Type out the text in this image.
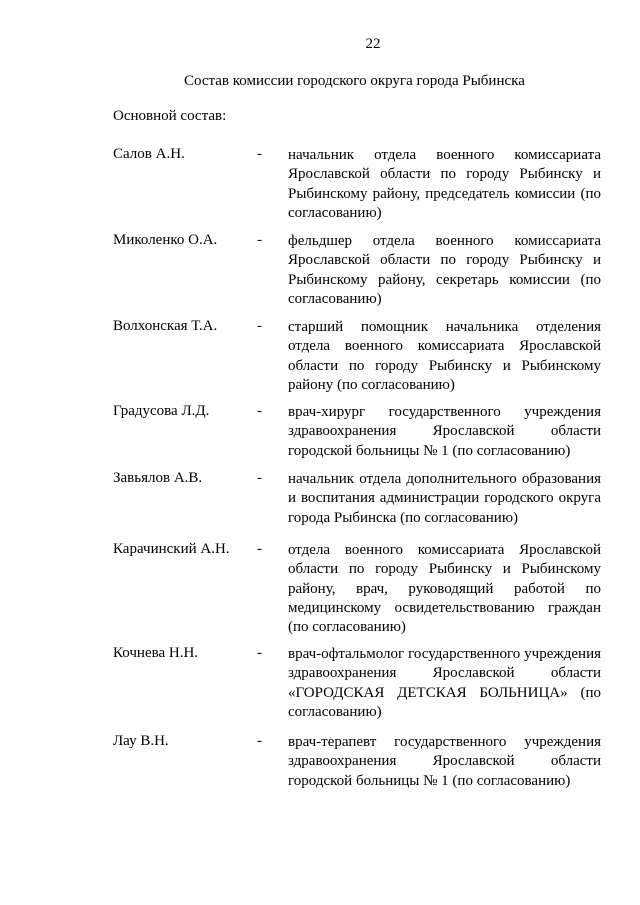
22
Состав комиссии городского округа города Рыбинска
Основной состав:
Салов А.Н.	- начальник отдела военного комиссариата Ярославской области по городу Рыбинску и Рыбинскому району, председатель комиссии (по согласованию)
Миколенко О.А.	- фельдшер отдела военного комиссариата Ярославской области по городу Рыбинску и Рыбинскому району, секретарь комиссии (по согласованию)
Волхонская Т.А.	- старший помощник начальника отделения отдела военного комиссариата Ярославской области по городу Рыбинску и Рыбинскому району (по согласованию)
Градусова Л.Д.	- врач-хирург государственного учреждения здравоохранения Ярославской области городской больницы № 1 (по согласованию)
Завьялов А.В.	- начальник отдела дополнительного образования и воспитания администрации городского округа города Рыбинска (по согласованию)
Карачинский А.Н. - отдела военного комиссариата Ярославской области по городу Рыбинску и Рыбинскому району, врач, руководящий работой по медицинскому освидетельствованию граждан (по согласованию)
Кочнева Н.Н.	- врач-офтальмолог государственного учреждения здравоохранения Ярославской области «ГОРОДСКАЯ ДЕТСКАЯ БОЛЬНИЦА» (по согласованию)
Лау В.Н.	- врач-терапевт государственного учреждения здравоохранения Ярославской области городской больницы № 1 (по согласованию)
